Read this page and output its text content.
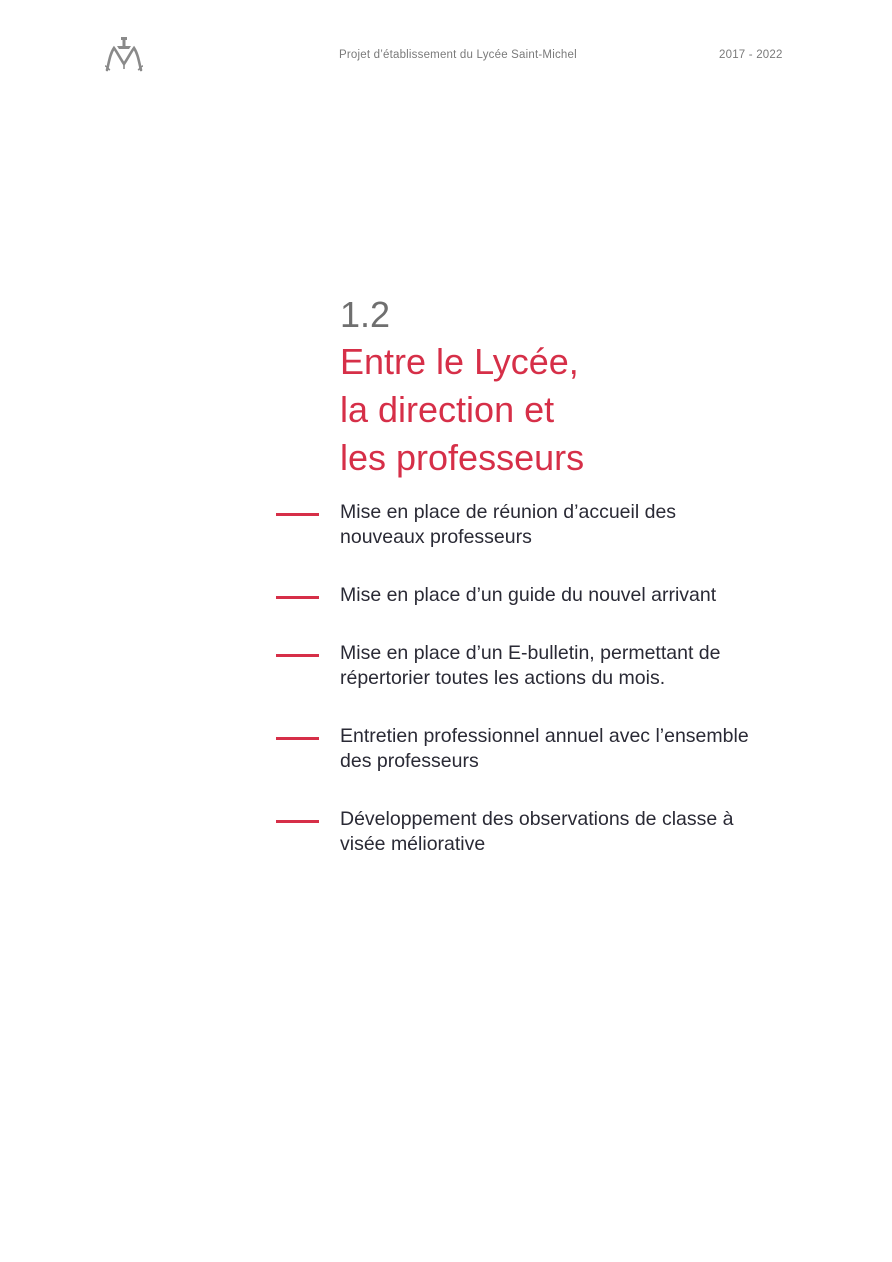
Projet d’établissement du Lycée Saint-Michel	2017 - 2022
1.2
Entre le Lycée,
la direction et
les professeurs
Mise en place de réunion d’accueil des
nouveaux professeurs
Mise en place d’un guide du nouvel arrivant
Mise en place d’un E-bulletin, permettant de
répertorier toutes les actions du mois.
Entretien professionnel annuel avec l’ensemble
des professeurs
Développement des observations de classe à
visée méliorative
